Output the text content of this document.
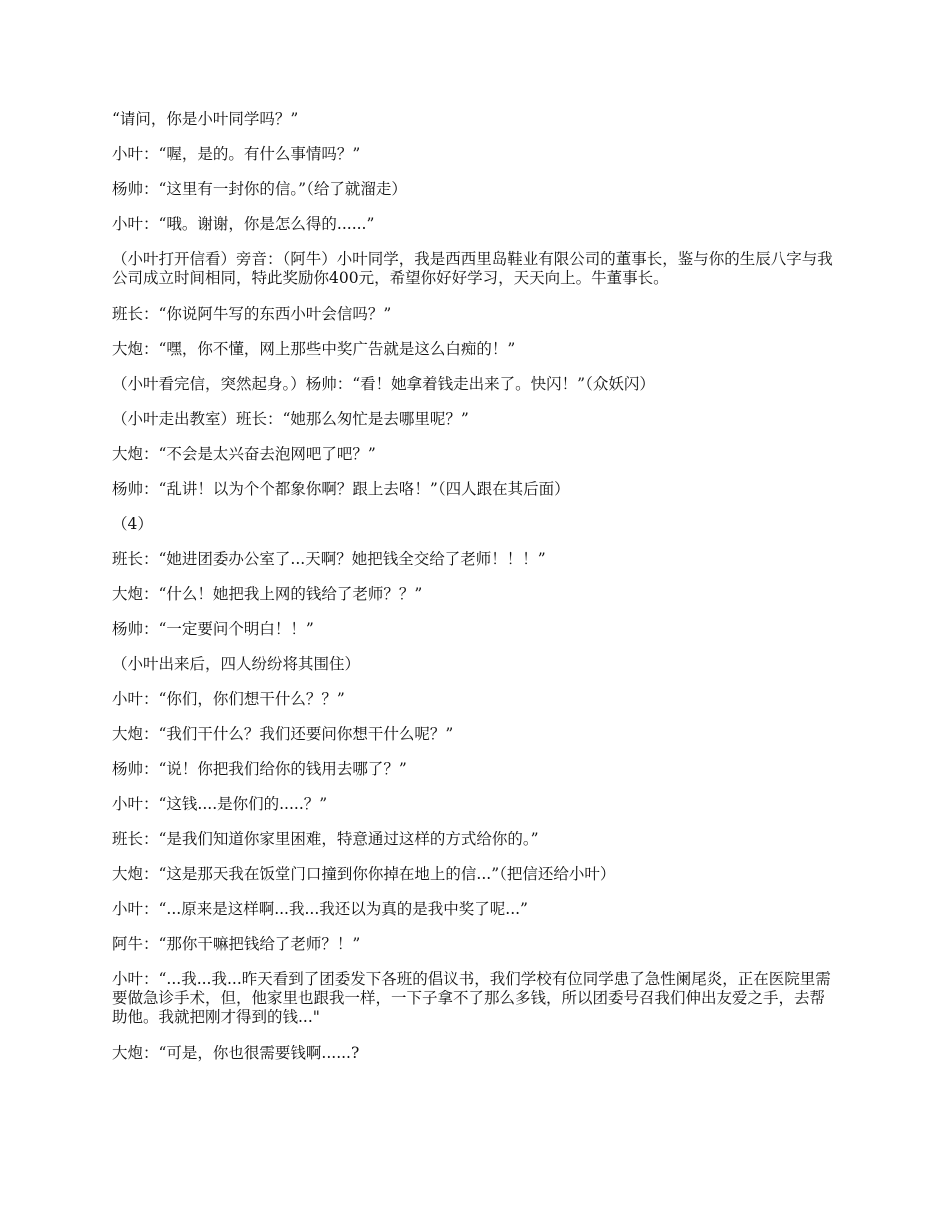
“请问，你是小叶同学吗？”

小叶：“喔，是的。有什么事情吗？”

杨帅：“这里有一封你的信。”（给了就溜走）

小叶：“哦。谢谢，你是怎么得的......”

（小叶打开信看）旁音：（阿牛）小叶同学，我是西西里岛鞋业有限公司的董事长，鉴与你的生辰八字与我公司成立时间相同，特此奖励你400元，希望你好好学习，天天向上。牛董事长。

班长：“你说阿牛写的东西小叶会信吗？”

大炮：“嘿，你不懂，网上那些中奖广告就是这么白痴的！”

（小叶看完信，突然起身。）杨帅：“看！她拿着钱走出来了。快闪！”（众妖闪）

（小叶走出教室）班长：“她那么匆忙是去哪里呢？”

大炮：“不会是太兴奋去泡网吧了吧？”

杨帅：“乱讲！以为个个都象你啊？跟上去咯！”（四人跟在其后面）

（4）

班长：“她进团委办公室了...天啊？她把钱全交给了老师！！！”

大炮：“什么！她把我上网的钱给了老师？？”

杨帅：“一定要问个明白！！”

（小叶出来后，四人纷纷将其围住）

小叶：“你们，你们想干什么？？”

大炮：“我们干什么？我们还要问你想干什么呢？”

杨帅：“说！你把我们给你的钱用去哪了？”

小叶：“这钱....是你们的.....？”

班长：“是我们知道你家里困难，特意通过这样的方式给你的。”

大炮：“这是那天我在饭堂门口撞到你你掉在地上的信...”（把信还给小叶）

小叶：“...原来是这样啊...我...我还以为真的是我中奖了呢...”

阿牛：“那你干嘛把钱给了老师？！”

小叶：“...我...我...昨天看到了团委发下各班的倡议书，我们学校有位同学患了急性阑尾炎，正在医院里需要做急诊手术，但，他家里也跟我一样，一下子拿不了那么多钱，所以团委号召我们伸出友爱之手，去帮助他。我就把刚才得到的钱..."

大炮：“可是，你也很需要钱啊......?
